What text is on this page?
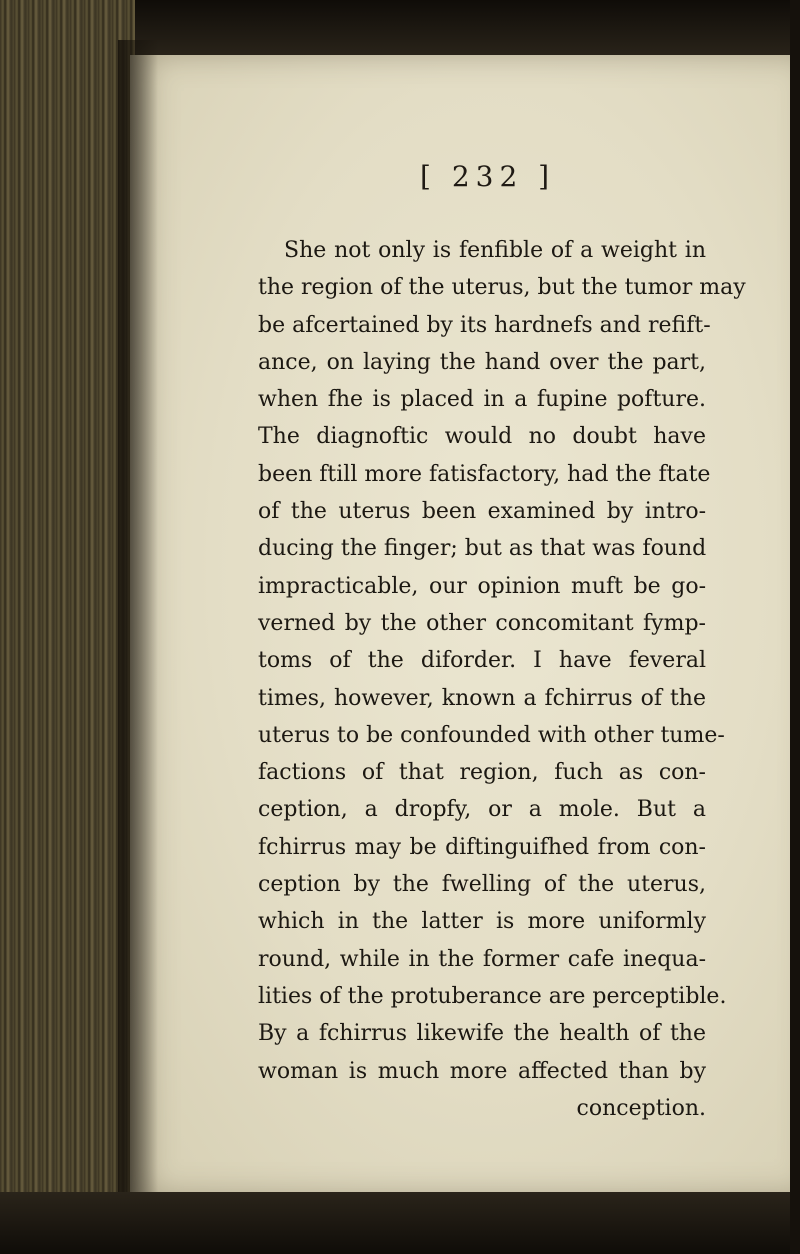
[ 232 ]
She not only is fenfible of a weight in
the region of the uterus, but the tumor may
be afcertained by its hardnefs and refift-
ance, on laying the hand over the part,
when fhe is placed in a fupine pofture.
The diagnoftic would no doubt have
been ftill more fatisfactory, had the ftate
of the uterus been examined by intro-
ducing the finger; but as that was found
impracticable, our opinion muft be go-
verned by the other concomitant fymp-
toms of the diforder. I have feveral
times, however, known a fchirrus of the
uterus to be confounded with other tume-
factions of that region, fuch as con-
ception, a dropfy, or a mole. But a
fchirrus may be diftinguifhed from con-
ception by the fwelling of the uterus,
which in the latter is more uniformly
round, while in the former cafe inequa-
lities of the protuberance are perceptible.
By a fchirrus likewife the health of the
woman is much more affected than by
conception.
